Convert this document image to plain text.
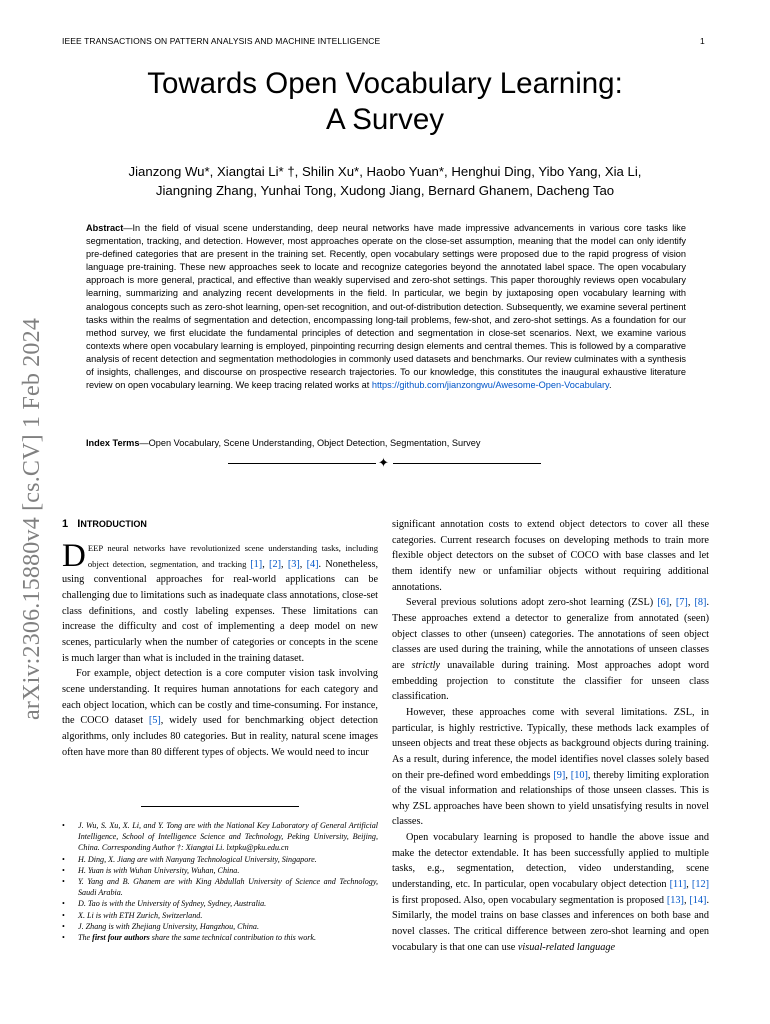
IEEE TRANSACTIONS ON PATTERN ANALYSIS AND MACHINE INTELLIGENCE	1
Towards Open Vocabulary Learning:
A Survey
Jianzong Wu*, Xiangtai Li* †, Shilin Xu*, Haobo Yuan*, Henghui Ding, Yibo Yang, Xia Li,
Jiangning Zhang, Yunhai Tong, Xudong Jiang, Bernard Ghanem, Dacheng Tao
Abstract—In the field of visual scene understanding, deep neural networks have made impressive advancements in various core tasks like segmentation, tracking, and detection. However, most approaches operate on the close-set assumption, meaning that the model can only identify pre-defined categories that are present in the training set. Recently, open vocabulary settings were proposed due to the rapid progress of vision language pre-training. These new approaches seek to locate and recognize categories beyond the annotated label space. The open vocabulary approach is more general, practical, and effective than weakly supervised and zero-shot settings. This paper thoroughly reviews open vocabulary learning, summarizing and analyzing recent developments in the field. In particular, we begin by juxtaposing open vocabulary learning with analogous concepts such as zero-shot learning, open-set recognition, and out-of-distribution detection. Subsequently, we examine several pertinent tasks within the realms of segmentation and detection, encompassing long-tail problems, few-shot, and zero-shot settings. As a foundation for our method survey, we first elucidate the fundamental principles of detection and segmentation in close-set scenarios. Next, we examine various contexts where open vocabulary learning is employed, pinpointing recurring design elements and central themes. This is followed by a comparative analysis of recent detection and segmentation methodologies in commonly used datasets and benchmarks. Our review culminates with a synthesis of insights, challenges, and discourse on prospective research trajectories. To our knowledge, this constitutes the inaugural exhaustive literature review on open vocabulary learning. We keep tracing related works at https://github.com/jianzongwu/Awesome-Open-Vocabulary.
Index Terms—Open Vocabulary, Scene Understanding, Object Detection, Segmentation, Survey
✦
arXiv:2306.15880v4 [cs.CV] 1 Feb 2024 1 INTRODUCTION

DEEP neural networks have revolutionized scene understanding tasks, including object detection, segmentation, and tracking [1], [2], [3], [4]. Nonetheless, using conventional approaches for real-world applications can be challenging due to limitations such as inadequate class annotations, close-set class definitions, and costly labeling expenses. These limitations can increase the difficulty and cost of implementing a deep model on new scenes, particularly when the number of categories or concepts in the scene is much larger than what is included in the training dataset.

For example, object detection is a core computer vision task involving scene understanding. It requires human annotations for each category and each object location, which can be costly and time-consuming. For instance, the COCO dataset [5], widely used for benchmarking object detection algorithms, only includes 80 categories. But in reality, natural scene images often have more than 80 different types of objects. We would need to incur

• J. Wu, S. Xu, X. Li, and Y. Tong are with the National Key Laboratory of General Artificial Intelligence, School of Intelligence Science and Technology, Peking University, Beijing, China. Corresponding Author †: Xiangtai Li. lxtpku@pku.edu.cn
• H. Ding, X. Jiang are with Nanyang Technological University, Singapore.
• H. Yuan is with Wuhan University, Wuhan, China.
• Y. Yang and B. Ghanem are with King Abdullah University of Science and Technology, Saudi Arabia.
• D. Tao is with the University of Sydney, Sydney, Australia.
• X. Li is with ETH Zurich, Switzerland.
• J. Zhang is with Zhejiang University, Hangzhou, China.
• The first four authors share the same technical contribution to this work.

significant annotation costs to extend object detectors to cover all these categories. Current research focuses on developing methods to train more flexible object detectors on the subset of COCO with base classes and let them identify new or unfamiliar objects without requiring additional annotations.

Several previous solutions adopt zero-shot learning (ZSL) [6], [7], [8]. These approaches extend a detector to generalize from annotated (seen) object classes to other (unseen) categories. The annotations of seen object classes are used during the training, while the annotations of unseen classes are strictly unavailable during training. Most approaches adopt word embedding projection to constitute the classifier for unseen class classification.

However, these approaches come with several limitations. ZSL, in particular, is highly restrictive. Typically, these methods lack examples of unseen objects and treat these objects as background objects during training. As a result, during inference, the model identifies novel classes solely based on their pre-defined word embeddings [9], [10], thereby limiting exploration of the visual information and relationships of those unseen classes. This is why ZSL approaches have been shown to yield unsatisfying results in novel classes.

Open vocabulary learning is proposed to handle the above issue and make the detector extendable. It has been successfully applied to multiple tasks, e.g., segmentation, detection, video understanding, scene understanding, etc. In particular, open vocabulary object detection [11], [12] is first proposed. Also, open vocabulary segmentation is proposed [13], [14]. Similarly, the model trains on base classes and inferences on both base and novel classes. The critical difference between zero-shot learning and open vocabulary is that one can use visual-related language
